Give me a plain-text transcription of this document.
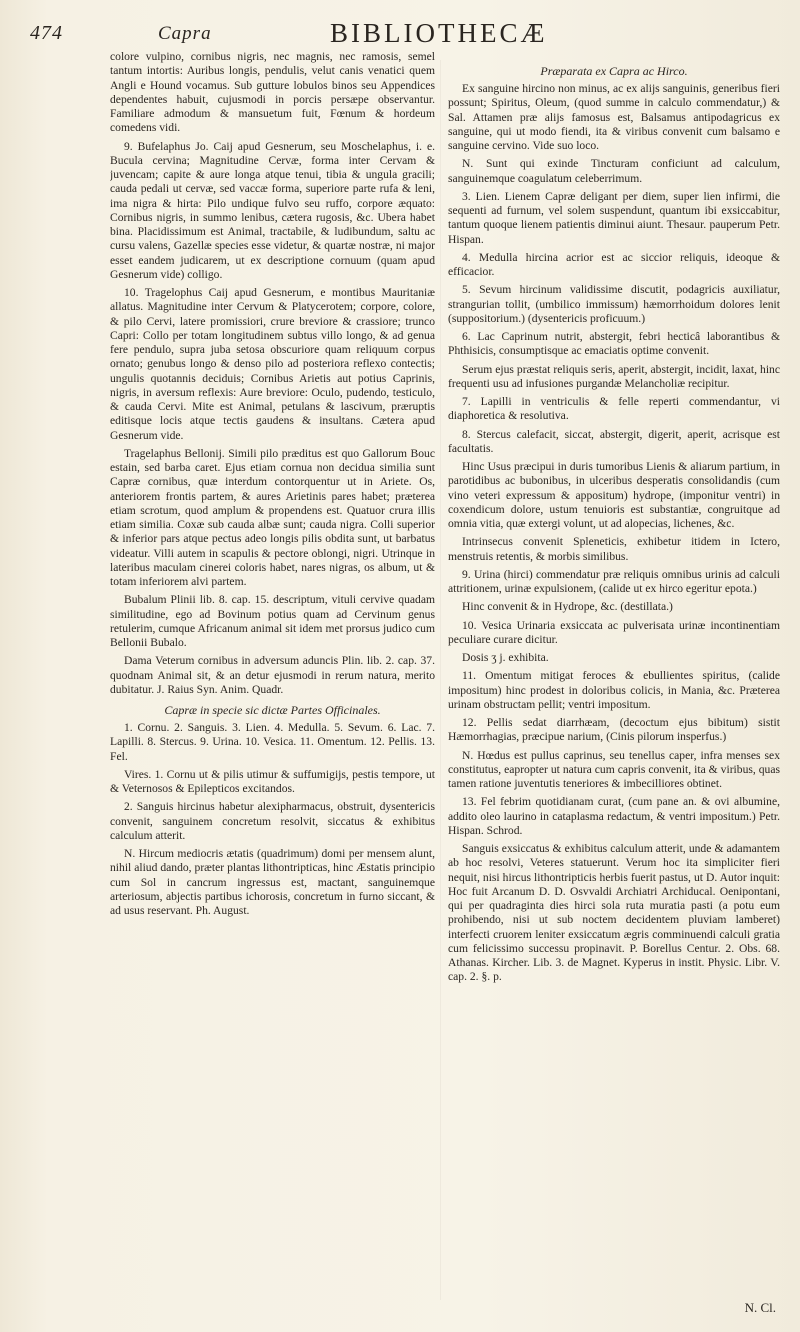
474	Capra	BIBLIOTHECÆ

colore vulpino, cornibus nigris, nec magnis, nec ramosis, semel tantum intortis: Auribus longis, pendulis, velut canis venatici quem Angli e Hound vocamus. Sub gutture lobulos binos seu Appendices dependentes habuit, cujusmodi in porcis persæpe observantur. Familiare admodum & mansuetum fuit, Fœnum & hordeum comedens vidi.

9. Bufelaphus Jo. Caij apud Gesnerum, seu Moschelaphus, i. e. Bucula cervina; Magnitudine Cervæ, forma inter Cervam & juvencam; capite & aure longa atque tenui, tibia & ungula gracili; cauda pedali ut cervæ, sed vaccæ forma, superiore parte rufa & leni, ima nigra & hirta: Pilo undique fulvo seu ruffo, corpore æquato: Cornibus nigris, in summo lenibus, cætera rugosis, &c. Ubera habet bina. Placidissimum est Animal, tractabile, & ludibundum, saltu ac cursu valens, Gazellæ species esse videtur, & quartæ nostræ, ni major esset eandem judicarem, ut ex descriptione cornuum (quam apud Gesnerum vide) colligo.

10. Tragelophus Caij apud Gesnerum, e montibus Mauritaniæ allatus. Magnitudine inter Cervum & Platycerotem; corpore, colore, & pilo Cervi, latere promissiori, crure breviore & crassiore; trunco Capri: Collo per totam longitudinem subtus villo longo, & ad genua fere pendulo, supra juba setosa obscuriore quam reliquum corpus ornato; genubus longo & denso pilo ad posteriora reflexo contectis; ungulis quotannis deciduis; Cornibus Arietis aut potius Caprinis, nigris, in aversum reflexis: Aure breviore: Oculo, pudendo, testiculo, & cauda Cervi. Mite est Animal, petulans & lascivum, præruptis editisque locis atque tectis gaudens & insultans. Cætera apud Gesnerum vide.

Tragelaphus Bellonij. Simili pilo præditus est quo Gallorum Bouc estain, sed barba caret. Ejus etiam cornua non decidua similia sunt Capræ cornibus, quæ interdum contorquentur ut in Ariete. Os, anteriorem frontis partem, & aures Arietinis pares habet; præterea etiam scrotum, quod amplum & propendens est. Quatuor crura illis etiam similia. Coxæ sub cauda albæ sunt; cauda nigra. Colli superior & inferior pars atque pectus adeo longis pilis obdita sunt, ut barbatus videatur. Villi autem in scapulis & pectore oblongi, nigri. Utrinque in lateribus maculam cinerei coloris habet, nares nigras, os album, ut & totam inferiorem alvi partem.

Bubalum Plinii lib. 8. cap. 15. descriptum, vituli cervive quadam similitudine, ego ad Bovinum potius quam ad Cervinum genus retulerim, cumque Africanum animal sit idem met prorsus judico cum Bellonii Bubalo.

Dama Veterum cornibus in adversum aduncis Plin. lib. 2. cap. 37. quodnam Animal sit, & an detur ejusmodi in rerum natura, merito dubitatur. J. Raius Syn. Anim. Quadr.

Capræ in specie sic dictæ Partes Officinales.

1. Cornu. 2. Sanguis. 3. Lien. 4. Medulla. 5. Sevum. 6. Lac. 7. Lapilli. 8. Stercus. 9. Urina. 10. Vesica. 11. Omentum. 12. Pellis. 13. Fel.

Vires. 1. Cornu ut & pilis utimur & suffumigijs, pestis tempore, ut & Veternosos & Epilepticos excitandos.

2. Sanguis hircinus habetur alexipharmacus, obstruit, dysentericis convenit, sanguinem concretum resolvit, siccatus & exhibitus calculum atterit.

N. Hircum mediocris ætatis (quadrimum) domi per mensem alunt, nihil aliud dando, præter plantas lithontripticas, hinc Æstatis principio cum Sol in cancrum ingressus est, mactant, sanguinemque arteriosum, abjectis partibus ichorosis, concretum in furno siccant, & ad usus reservant. Ph. August.

Præparata ex Capra ac Hirco.

Ex sanguine hircino non minus, ac ex alijs sanguinis, generibus fieri possunt; Spiritus, Oleum, (quod summe in calculo commendatur,) & Sal. Attamen præ alijs famosus est, Balsamus antipodagricus ex sanguine, qui ut modo fiendi, ita & viribus convenit cum balsamo e sanguine cervino. Vide suo loco.

N. Sunt qui exinde Tincturam conficiunt ad calculum, sanguinemque coagulatum celeberrimum.

3. Lien. Lienem Capræ deligant per diem, super lien infirmi, die sequenti ad furnum, vel solem suspendunt, quantum ibi exsiccabitur, tantum quoque lienem patientis diminui aiunt. Thesaur. pauperum Petr. Hispan.

4. Medulla hircina acrior est ac siccior reliquis, ideoque & efficacior.

5. Sevum hircinum validissime discutit, podagricis auxiliatur, strangurian tollit, (umbilico immissum) hæmorrhoidum dolores lenit (suppositorium.) (dysentericis proficuum.)

6. Lac Caprinum nutrit, abstergit, febri hecticâ laborantibus & Phthisicis, consumptisque ac emaciatis optime convenit.

Serum ejus præstat reliquis seris, aperit, abstergit, incidit, laxat, hinc frequenti usu ad infusiones purgandæ Melancholiæ recipitur.

7. Lapilli in ventriculis & felle reperti commendantur, vi diaphoretica & resolutiva.

8. Stercus calefacit, siccat, abstergit, digerit, aperit, acrisque est facultatis.

Hinc Usus præcipui in duris tumoribus Lienis & aliarum partium, in parotidibus ac bubonibus, in ulceribus desperatis consolidandis (cum vino veteri expressum & appositum) hydrope, (imponitur ventri) in coxendicum dolore, ustum tenuioris est substantiæ, congruitque ad omnia vitia, quæ extergi volunt, ut ad alopecias, lichenes, &c.

Intrinsecus convenit Spleneticis, exhibetur itidem in Ictero, menstruis retentis, & morbis similibus.

9. Urina (hirci) commendatur præ reliquis omnibus urinis ad calculi attritionem, urinæ expulsionem, (calide ut ex hirco egeritur epota.)

Hinc convenit & in Hydrope, &c. (destillata.)

10. Vesica Urinaria exsiccata ac pulverisata urinæ incontinentiam peculiare curare dicitur.

Dosis ʒ j. exhibita.

11. Omentum mitigat feroces & ebullientes spiritus, (calide impositum) hinc prodest in doloribus colicis, in Mania, &c. Præterea urinam obstructam pellit; ventri impositum.

12. Pellis sedat diarrhæam, (decoctum ejus bibitum) sistit Hæmorrhagias, præcipue narium, (Cinis pilorum insperfus.)

N. Hœdus est pullus caprinus, seu tenellus caper, infra menses sex constitutus, eapropter ut natura cum capris convenit, ita & viribus, quas tamen ratione juventutis teneriores & imbecilliores obtinet.

13. Fel febrim quotidianam curat, (cum pane an. & ovi albumine, addito oleo laurino in cataplasma redactum, & ventri impositum.) Petr. Hispan. Schrod.

Sanguis exsiccatus & exhibitus calculum atterit, unde & adamantem ab hoc resolvi, Veteres statuerunt. Verum hoc ita simpliciter fieri nequit, nisi hircus lithontripticis herbis fuerit pastus, ut D. Autor inquit: Hoc fuit Arcanum D. D. Osvvaldi Archiatri Archiducal. Oenipontani, qui per quadraginta dies hirci sola ruta muratia pasti (a potu eum prohibendo, nisi ut sub noctem decidentem pluviam lamberet) interfecti cruorem leniter exsiccatum ægris comminuendi calculi gratia cum felicissimo successu propinavit. P. Borellus Centur. 2. Obs. 68. Athanas. Kircher. Lib. 3. de Magnet. Kyperus in instit. Physic. Libr. V. cap. 2. §. p.

N. Cl.
